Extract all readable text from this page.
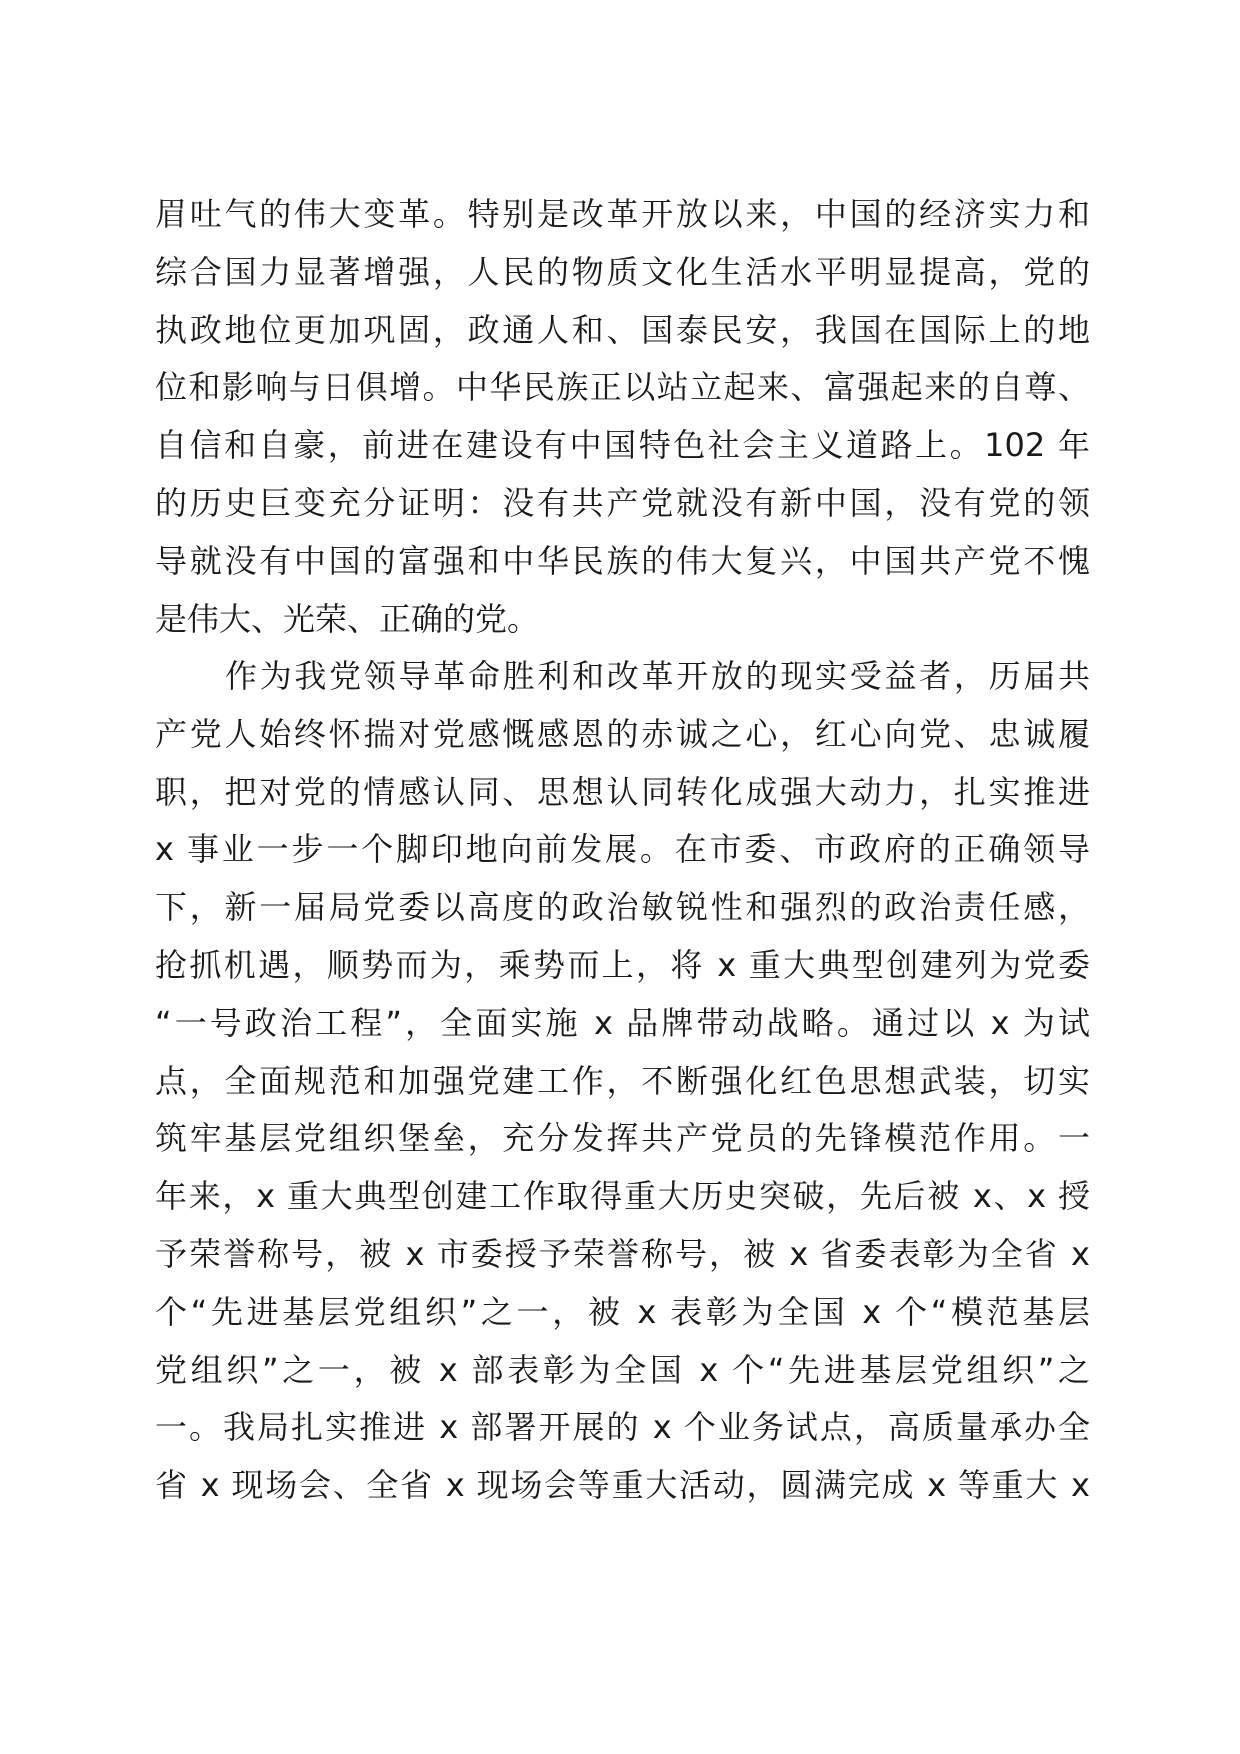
眉吐气的伟大变革。特别是改革开放以来，中国的经济实力和
综合国力显著增强，人民的物质文化生活水平明显提高，党的
执政地位更加巩固，政通人和、国泰民安，我国在国际上的地
位和影响与日俱增。中华民族正以站立起来、富强起来的自尊、
自信和自豪，前进在建设有中国特色社会主义道路上。102 年
的历史巨变充分证明：没有共产党就没有新中国，没有党的领
导就没有中国的富强和中华民族的伟大复兴，中国共产党不愧
是伟大、光荣、正确的党。
作为我党领导革命胜利和改革开放的现实受益者，历届共
产党人始终怀揣对党感慨感恩的赤诚之心，红心向党、忠诚履
职，把对党的情感认同、思想认同转化成强大动力，扎实推进
x 事业一步一个脚印地向前发展。在市委、市政府的正确领导
下，新一届局党委以高度的政治敏锐性和强烈的政治责任感，
抢抓机遇，顺势而为，乘势而上，将 x 重大典型创建列为党委
“一号政治工程”，全面实施 x 品牌带动战略。通过以 x 为试
点，全面规范和加强党建工作，不断强化红色思想武装，切实
筑牢基层党组织堡垒，充分发挥共产党员的先锋模范作用。一
年来，x 重大典型创建工作取得重大历史突破，先后被 x、x 授
予荣誉称号，被 x 市委授予荣誉称号，被 x 省委表彰为全省 x
个“先进基层党组织”之一，被 x 表彰为全国 x 个“模范基层
党组织”之一，被 x 部表彰为全国 x 个“先进基层党组织”之
一。我局扎实推进 x 部署开展的 x 个业务试点，高质量承办全
省 x 现场会、全省 x 现场会等重大活动，圆满完成 x 等重大 x
